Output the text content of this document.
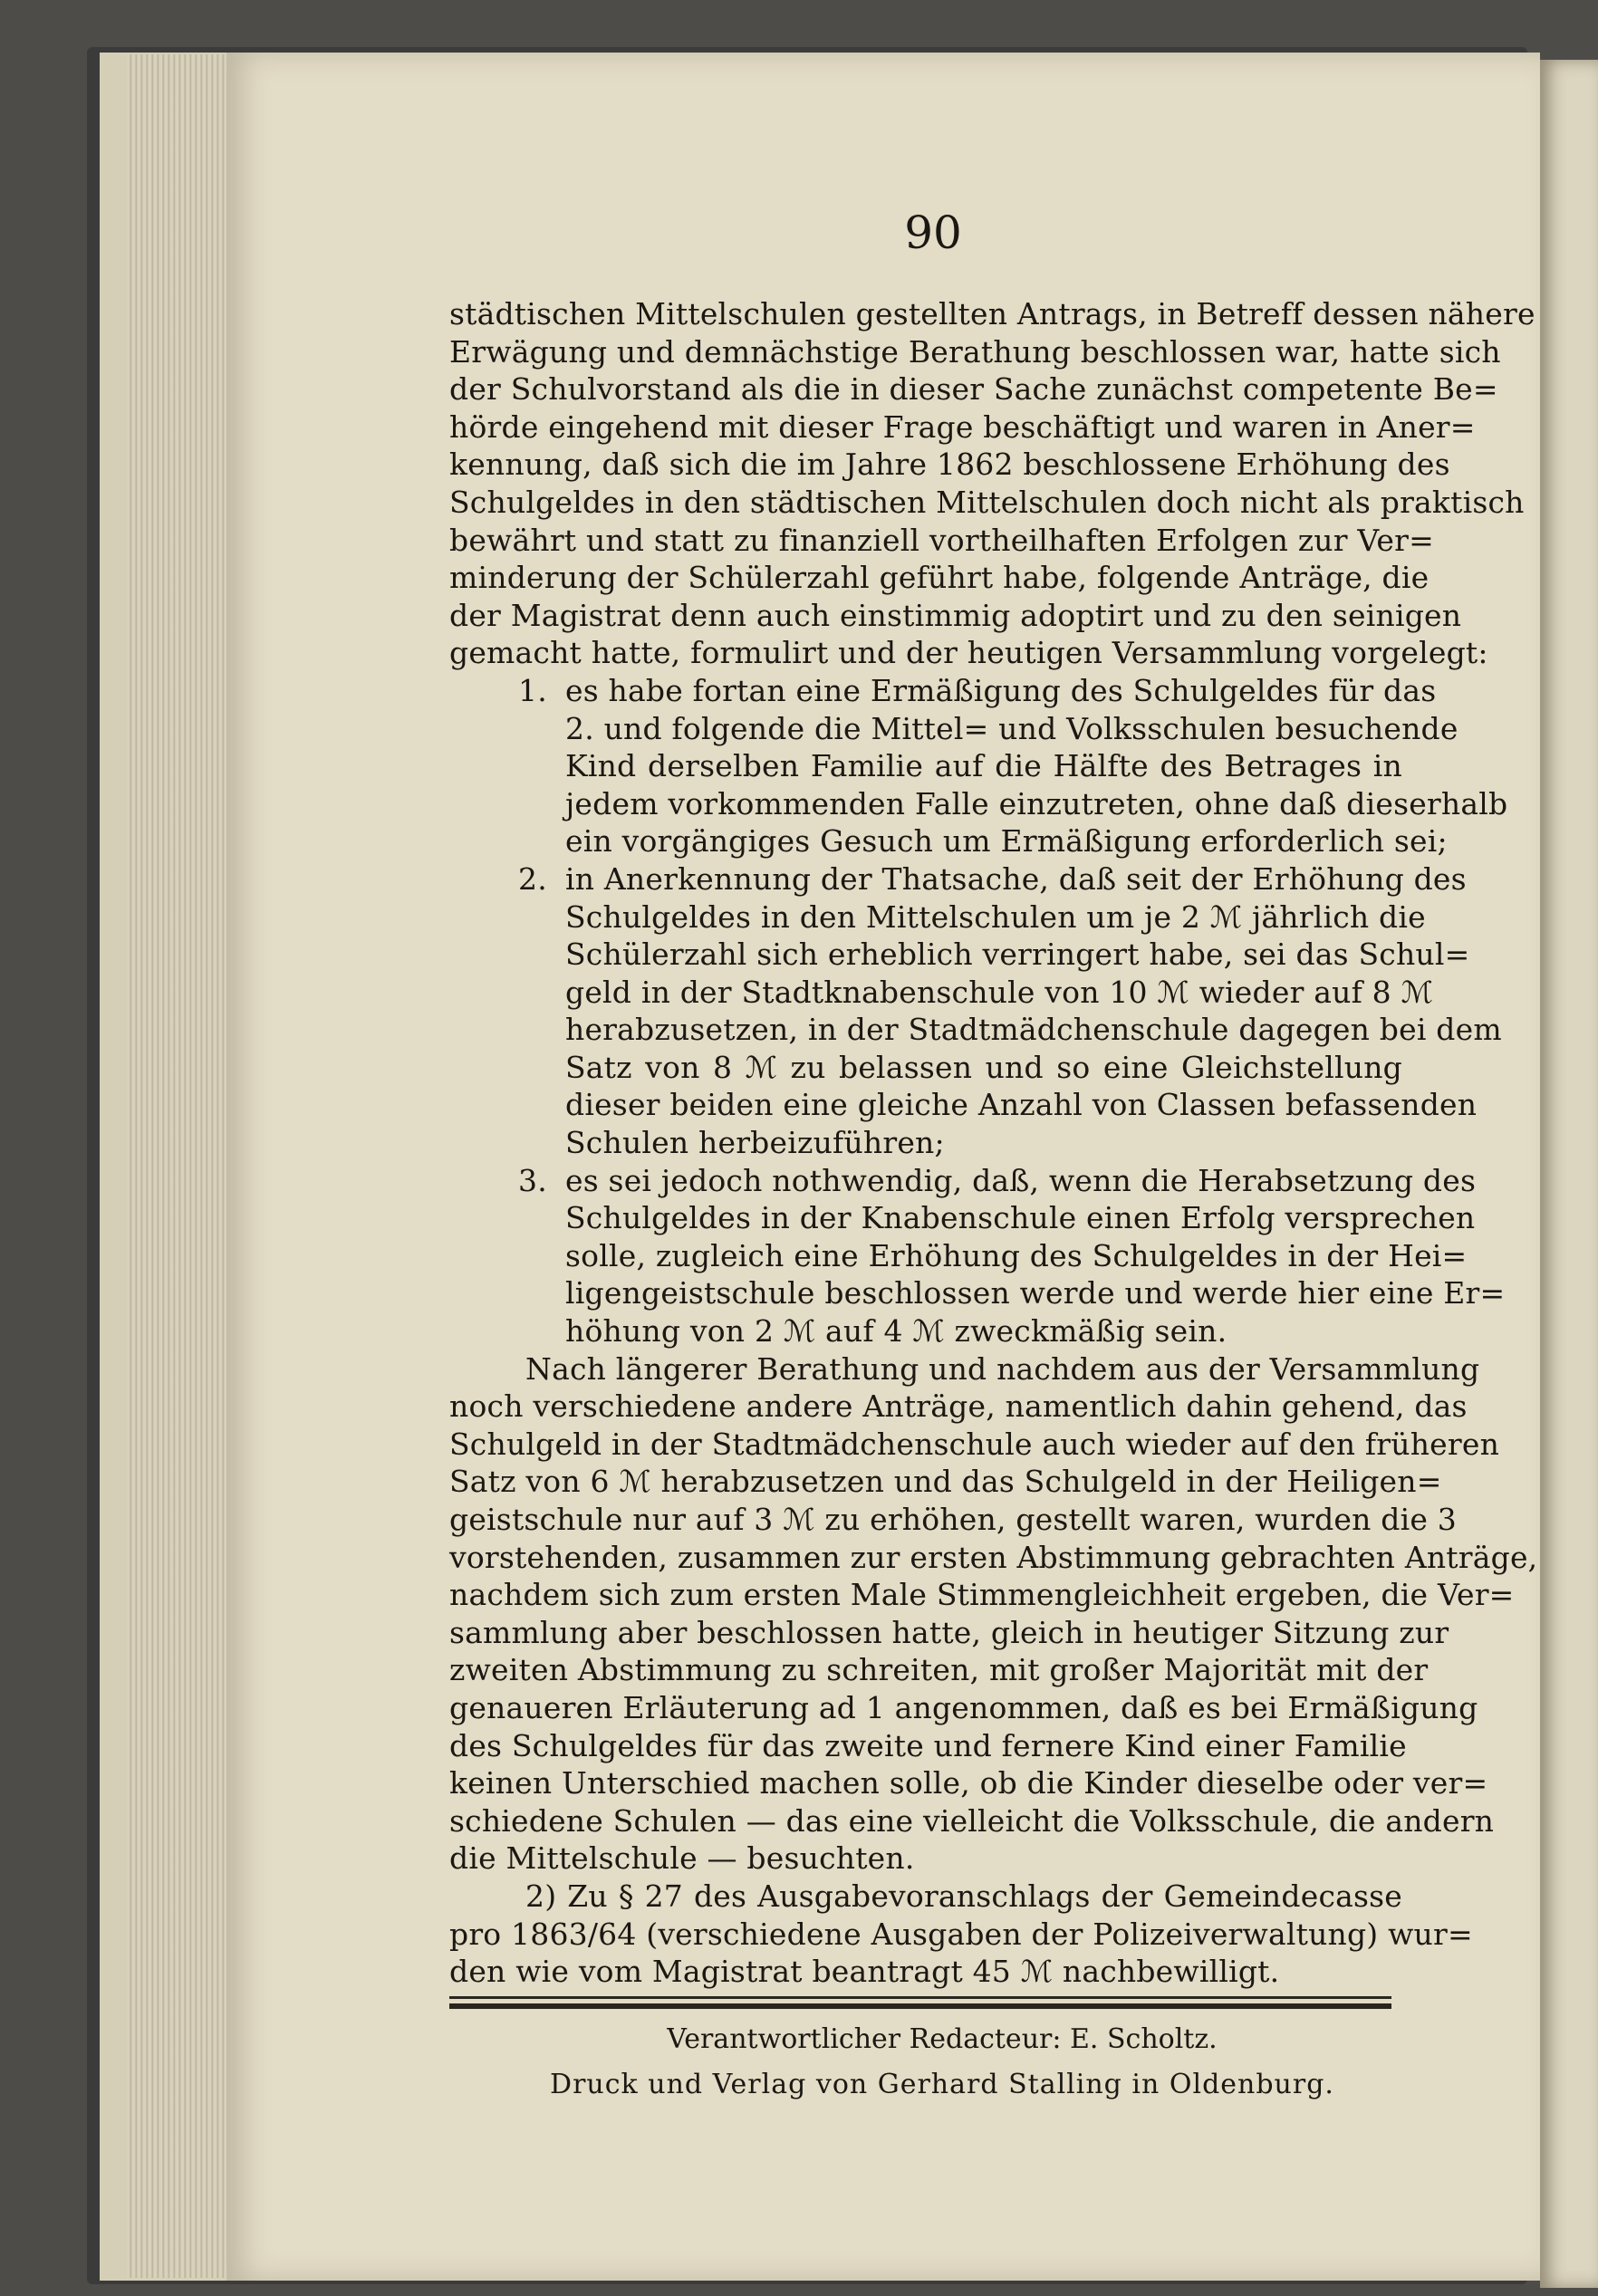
90
städtischen Mittelschulen gestellten Antrags, in Betreff dessen nähere
Erwägung und demnächstige Berathung beschlossen war, hatte sich
der Schulvorstand als die in dieser Sache zunächst competente Be=
hörde eingehend mit dieser Frage beschäftigt und waren in Aner=
kennung, daß sich die im Jahre 1862 beschlossene Erhöhung des
Schulgeldes in den städtischen Mittelschulen doch nicht als praktisch
bewährt und statt zu finanziell vortheilhaften Erfolgen zur Ver=
minderung der Schülerzahl geführt habe, folgende Anträge, die
der Magistrat denn auch einstimmig adoptirt und zu den seinigen
gemacht hatte, formulirt und der heutigen Versammlung vorgelegt:
1. es habe fortan eine Ermäßigung des Schulgeldes für das
2. und folgende die Mittel= und Volksschulen besuchende
Kind derselben Familie auf die Hälfte des Betrages in
jedem vorkommenden Falle einzutreten, ohne daß dieserhalb
ein vorgängiges Gesuch um Ermäßigung erforderlich sei;
2. in Anerkennung der Thatsache, daß seit der Erhöhung des
Schulgeldes in den Mittelschulen um je 2 ℳ jährlich die
Schülerzahl sich erheblich verringert habe, sei das Schul=
geld in der Stadtknabenschule von 10 ℳ wieder auf 8 ℳ
herabzusetzen, in der Stadtmädchenschule dagegen bei dem
Satz von 8 ℳ zu belassen und so eine Gleichstellung
dieser beiden eine gleiche Anzahl von Classen befassenden
Schulen herbeizuführen;
3. es sei jedoch nothwendig, daß, wenn die Herabsetzung des
Schulgeldes in der Knabenschule einen Erfolg versprechen
solle, zugleich eine Erhöhung des Schulgeldes in der Hei=
ligengeistschule beschlossen werde und werde hier eine Er=
höhung von 2 ℳ auf 4 ℳ zweckmäßig sein.
Nach längerer Berathung und nachdem aus der Versammlung
noch verschiedene andere Anträge, namentlich dahin gehend, das
Schulgeld in der Stadtmädchenschule auch wieder auf den früheren
Satz von 6 ℳ herabzusetzen und das Schulgeld in der Heiligen=
geistschule nur auf 3 ℳ zu erhöhen, gestellt waren, wurden die 3
vorstehenden, zusammen zur ersten Abstimmung gebrachten Anträge,
nachdem sich zum ersten Male Stimmengleichheit ergeben, die Ver=
sammlung aber beschlossen hatte, gleich in heutiger Sitzung zur
zweiten Abstimmung zu schreiten, mit großer Majorität mit der
genaueren Erläuterung ad 1 angenommen, daß es bei Ermäßigung
des Schulgeldes für das zweite und fernere Kind einer Familie
keinen Unterschied machen solle, ob die Kinder dieselbe oder ver=
schiedene Schulen — das eine vielleicht die Volksschule, die andern
die Mittelschule — besuchten.
2) Zu § 27 des Ausgabevoranschlags der Gemeindecasse
pro 1863/64 (verschiedene Ausgaben der Polizeiverwaltung) wur=
den wie vom Magistrat beantragt 45 ℳ nachbewilligt.
Verantwortlicher Redacteur: E. Scholtz.
Druck und Verlag von Gerhard Stalling in Oldenburg.
